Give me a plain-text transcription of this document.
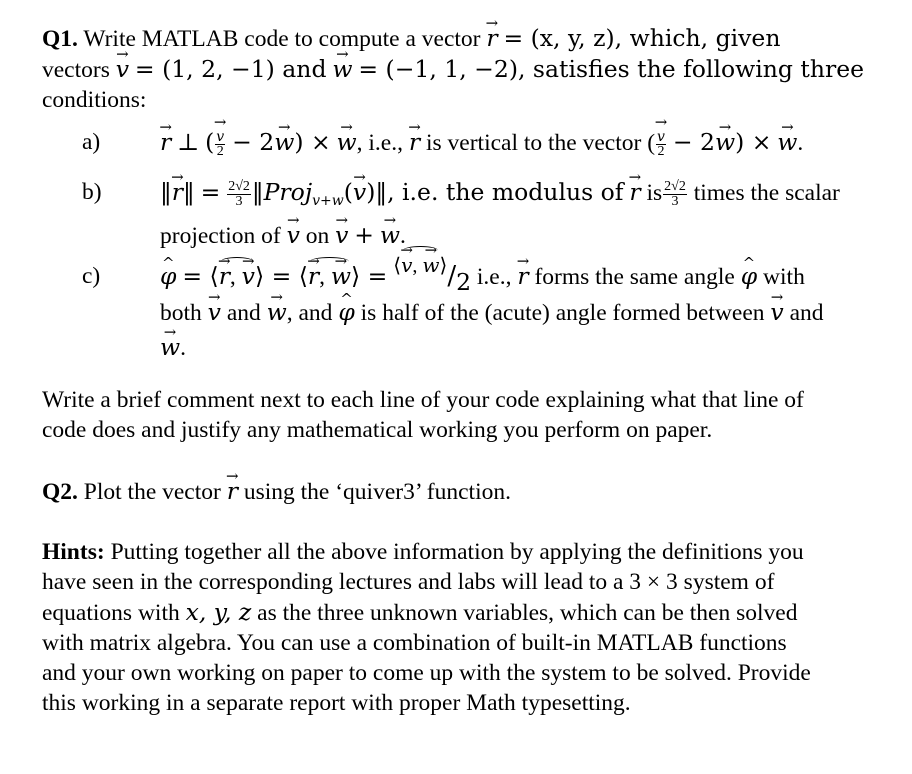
Q1. Write MATLAB code to compute a vector → r = (x, y, z), which, given
vectors → v = (1, 2, −1) and → w = (−1, 1, −2), satisfies the following three
conditions:
a)	→ r ⊥ ( → $\frac{v}{2} - 2\to w$) × → w, i.e., → r is vertical to the vector ( → $\frac{v}{2} - 2\to w$) × → w.
b) ‖→ r‖ = $\frac{2√2}{3}$ ‖Proj$_{v+w}$(→ v)‖, i.e. the modulus of → r is $\frac{2√2}{3}$ times the scalar
projection of → v on → v + → w.
c)	^ φ = ⟨→ r, → v⟩ = ⟨→ r, → w⟩ = ⟨→ v, → w⟩/2 i.e., → r forms the same angle ^ φ with
both → v and → w, and ^ φ is half of the (acute) angle formed between → v and
→ w.
Write a brief comment next to each line of your code explaining what that line of
code does and justify any mathematical working you perform on paper.
Q2. Plot the vector → r using the ‘quiver3’ function.
Hints: Putting together all the above information by applying the definitions you
have seen in the corresponding lectures and labs will lead to a 3 × 3 system of
equations with x, y, z as the three unknown variables, which can be then solved
with matrix algebra. You can use a combination of built-in MATLAB functions
and your own working on paper to come up with the system to be solved. Provide
this working in a separate report with proper Math typesetting.
